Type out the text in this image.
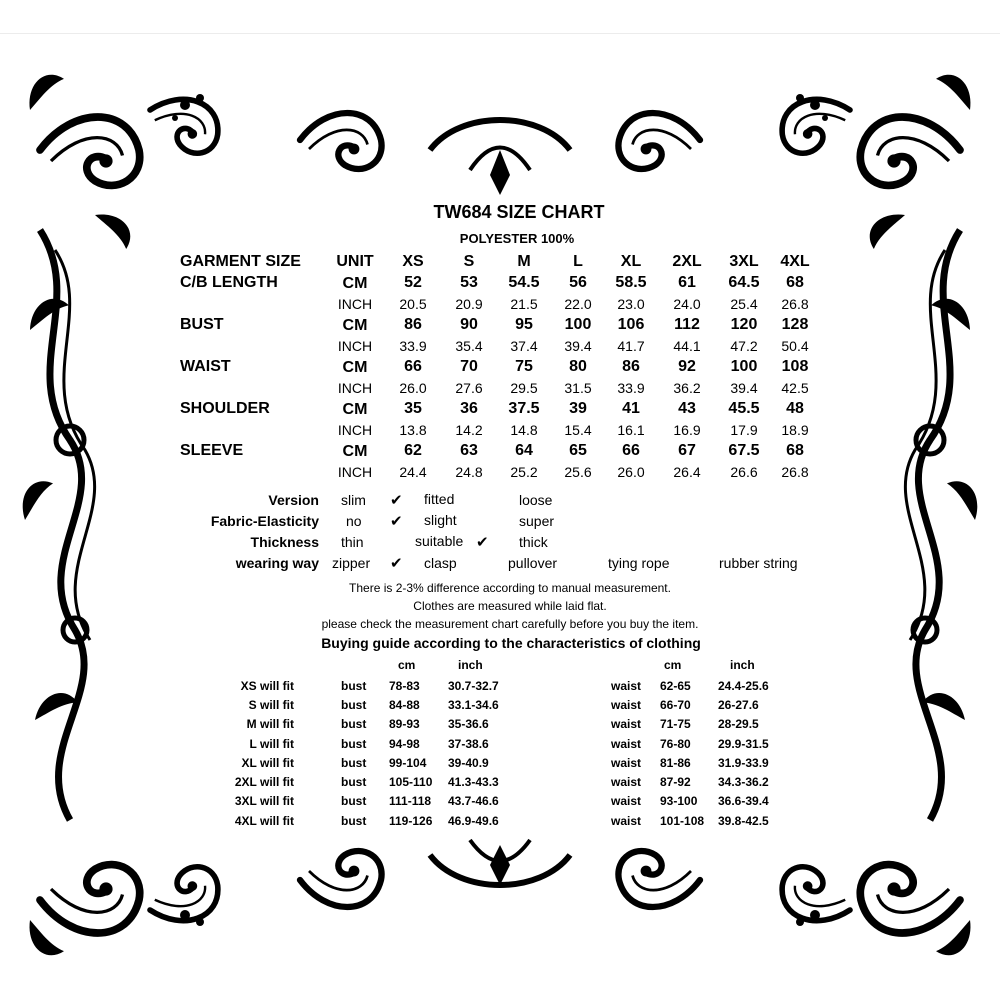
TW684 SIZE CHART
POLYESTER 100%
GARMENT SIZE UNIT XS S	M	L XL 2XL 3XL 4XL
C/B LENGTH	CM 52 53 54.5 56 58.5 61 64.5 68
INCH 20.5 20.9 21.5 22.0 23.0 24.0 25.4 26.8
BUST	CM 86 90 95 100 106 112 120 128
INCH 33.9 35.4 37.4 39.4 41.7 44.1 47.2 50.4
WAIST	CM 66 70 75 80 86 92 100 108
INCH 26.0 27.6 29.5 31.5 33.9 36.2 39.4 42.5
SHOULDER	CM 35 36 37.5 39 41 43 45.5 48
INCH 13.8 14.2 14.8 15.4 16.1 16.9 17.9 18.9
SLEEVE	CM 62 63 64 65 66 67 67.5 68
INCH 24.4 24.8 25.2 25.6 26.0 26.4 26.6 26.8
Version slim ✔ fitted	loose
Fabric-Elasticity no ✔ slight	super
Thickness thin	suitable ✔ thick
wearing way zipper ✔ clasp	pullover	tying rope	rubber string
There is 2-3% difference according to manual measurement.
Clothes are measured while laid flat.
please check the measurement chart carefully before you buy the item.
Buying guide according to the characteristics of clothing
cm	inch	cm	inch
XS will fit	bust 78-83 30.7-32.7	waist 62-65 24.4-25.6
S will fit	bust 84-88 33.1-34.6	waist 66-70 26-27.6
M will fit	bust 89-93 35-36.6	waist 71-75 28-29.5
L will fit	bust 94-98 37-38.6	waist 76-80 29.9-31.5
XL will fit	bust 99-104 39-40.9	waist 81-86 31.9-33.9
2XL will fit	bust 105-110 41.3-43.3	waist 87-92 34.3-36.2
3XL will fit	bust 111-118 43.7-46.6	waist 93-100 36.6-39.4
4XL will fit	bust 119-126 46.9-49.6	waist 101-108 39.8-42.5
